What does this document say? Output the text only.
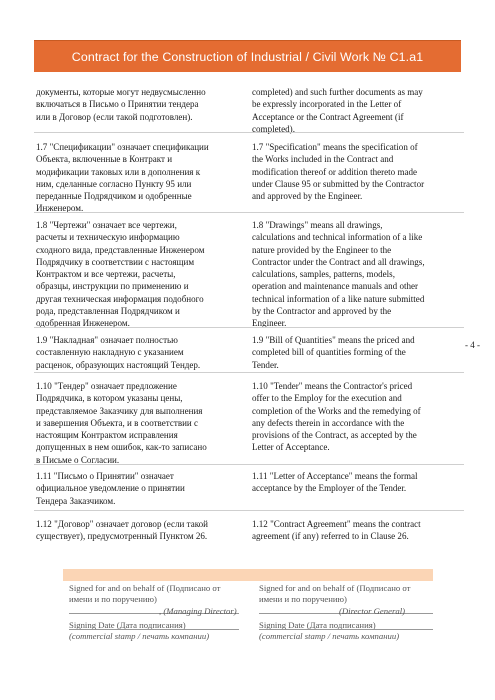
Contract for the Construction of Industrial / Civil Work № C1.a1
документы, которые могут недвусмысленно
включаться в Письмо о Принятии тендера
или в Договор (если такой подготовлен).
completed) and such further documents as may
be expressly incorporated in the Letter of
Acceptance or the Contract Agreement (if
completed).
1.7 "Спецификации" означает спецификации
Объекта, включенные в Контракт и
модификации таковых или в дополнения к
ним, сделанные согласно Пункту 95 или
переданные Подрядчиком и одобренные
Инженером.
1.7 "Specification" means the specification of
the Works included in the Contract and
modification thereof or addition thereto made
under Clause 95 or submitted by the Contractor
and approved by the Engineer.
1.8 "Чертежи" означает все чертежи,
расчеты и техническую информацию
сходного вида, представленные Инженером
Подрядчику в соответствии с настоящим
Контрактом и все чертежи, расчеты,
образцы, инструкции по применению и
другая техническая информация подобного
рода, представленная Подрядчиком и
одобренная Инженером.
1.8 "Drawings" means all drawings,
calculations and technical information of a like
nature provided by the Engineer to the
Contractor under the Contract and all drawings,
calculations, samples, patterns, models,
operation and maintenance manuals and other
technical information of a like nature submitted
by the Contractor and approved by the
Engineer.
1.9 "Накладная" означает полностью
составленную накладную с указанием
расценок, образующих настоящий Тендер.
1.9 "Bill of Quantities" means the priced and
completed bill of quantities forming of the
Tender.
1.10 "Тендер" означает предложение
Подрядчика, в котором указаны цены,
представляемое Заказчику для выполнения
и завершения Объекта, и в соответствии с
настоящим Контрактом исправления
допущенных в нем ошибок, как-то записано
в Письме о Согласии.
1.10 "Tender" means the Contractor's priced
offer to the Employ for the execution and
completion of the Works and the remedying of
any defects therein in accordance with the
provisions of the Contract, as accepted by the
Letter of Acceptance.
1.11 "Письмо о Принятии" означает
официальное уведомление о принятии
Тендера Заказчиком.
1.11 "Letter of Acceptance" means the formal
acceptance by the Employer of the Tender.
1.12 "Договор" означает договор (если такой
существует), предусмотренный Пунктом 26.
1.12 "Contract Agreement" means the contract
agreement (if any) referred to in Clause 26.
- 4 -
Signed for and on behalf of (Подписано от
имени и по поручению)
, (Managing Director)
Signing Date (Дата подписания)
(commercial stamp / печать компании)
Signed for and on behalf of (Подписано от
имени и по поручению)
(Director General)
Signing Date (Дата подписания)
(commercial stamp / печать компании)
